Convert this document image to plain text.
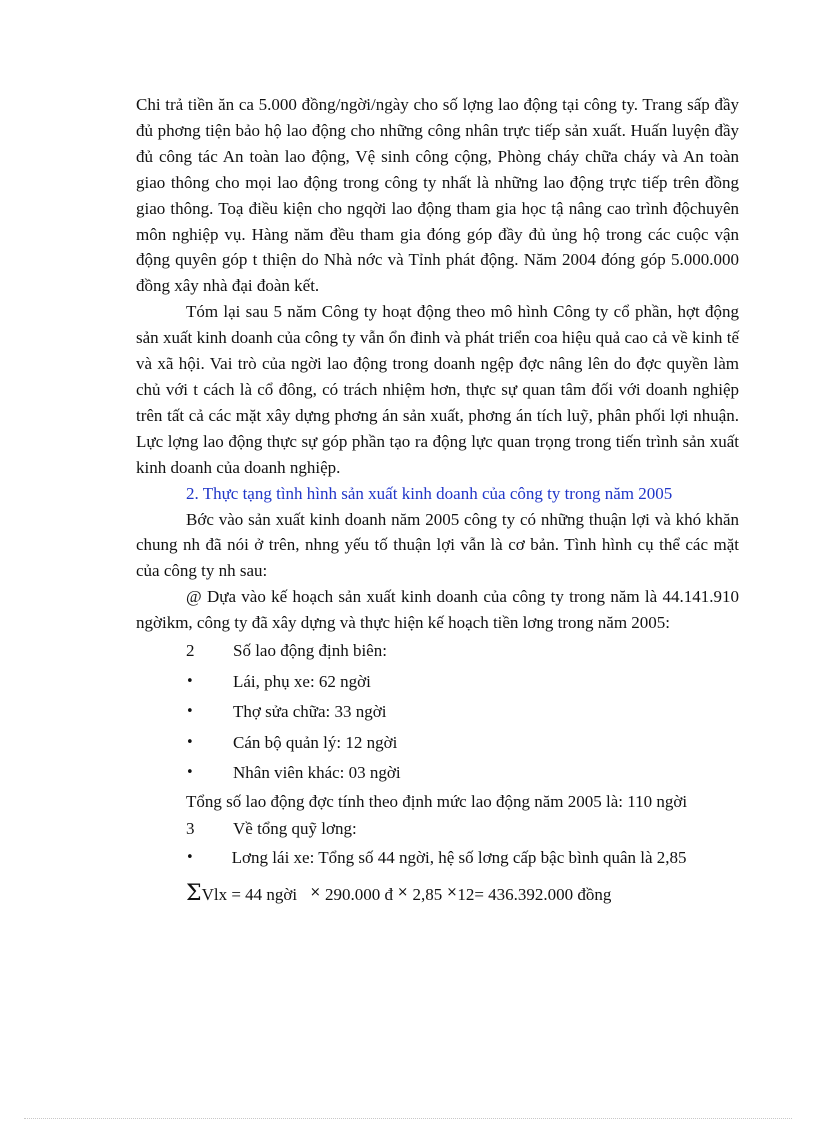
Chi trả tiền ăn ca 5.000 đồng/ngời/ngày cho số lợng lao động tại công ty. Trang sấp đầy đủ phơng tiện bảo hộ lao động cho những công nhân trực tiếp sản xuất. Huấn luyện đầy đủ công tác An toàn lao động, Vệ sinh công cộng, Phòng cháy chữa cháy và An toàn giao thông cho mọi lao động trong công ty nhất là những lao động trực tiếp trên đồng giao thông. Toạ điều kiện cho ngqời lao động tham gia học tậ nâng cao trình độchuyên môn nghiệp vụ. Hàng năm đều tham gia đóng góp đầy đủ ủng hộ trong các cuộc vận động quyên góp t thiện do Nhà nớc và Tỉnh phát động. Năm 2004 đóng góp 5.000.000 đồng xây nhà đại đoàn kết.

Tóm lại sau 5 năm Công ty hoạt động theo mô hình Công ty cổ phần, hợt động sản xuất kinh doanh của công ty vẫn ổn đinh và phát triển coa hiệu quả cao cả về kinh tế và xã hội. Vai trò của ngời lao động trong doanh ngệp đợc nâng lên do đợc quyền làm chủ với t cách là cổ đông, có trách nhiệm hơn, thực sự quan tâm đối với doanh nghiệp trên tất cả các mặt xây dựng phơng án sản xuất, phơng án tích luỹ, phân phối lợi nhuận. Lực lợng lao động thực sự góp phần tạo ra động lực quan trọng trong tiến trình sản xuất kinh doanh của doanh nghiệp.

2. Thực tạng tình hình sản xuất kinh doanh của công ty trong năm 2005

Bớc vào sản xuất kinh doanh năm 2005 công ty có những thuận lợi và khó khăn chung nh đã nói ở trên, nhng yếu tố thuận lợi vẫn là cơ bản. Tình hình cụ thể các mặt của công ty nh sau:

@ Dựa vào kế hoạch sản xuất kinh doanh của công ty trong năm là 44.141.910 ngờikm, công ty đã xây dựng và thực hiện kế hoạch tiền lơng trong năm 2005:

2	Số lao động định biên:
•	Lái, phụ xe: 62 ngời
•	Thợ sửa chữa: 33 ngời
•	Cán bộ quản lý: 12 ngời
•	Nhân viên khác: 03 ngời

Tổng số lao động đợc tính theo định mức lao động năm 2005 là: 110 ngời

3	Về tổng quỹ lơng:

• Lơng lái xe: Tổng số 44 ngời, hệ số lơng cấp bậc bình quân là 2,85

ΣVlx = 44 ngời × 290.000 đ × 2,85 ×12= 436.392.000 đồng
